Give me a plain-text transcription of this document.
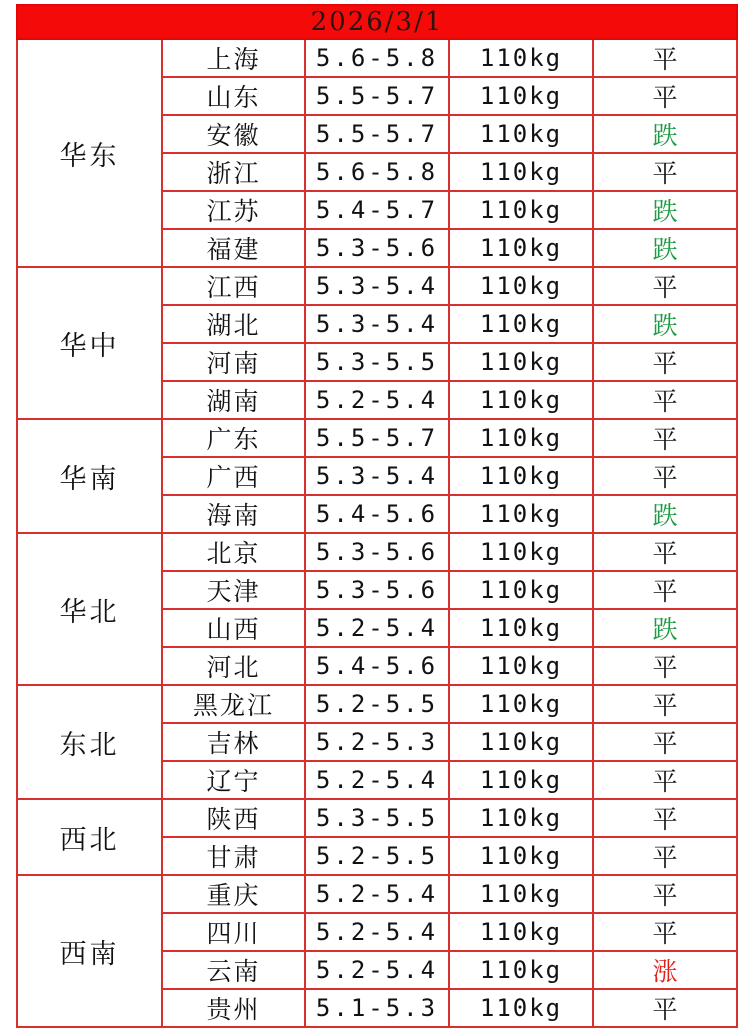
2026/3/1				
华东	上海	5.6-5.8	110kg	平
	山东	5.5-5.7	110kg	平
	安徽	5.5-5.7	110kg	跌
	浙江	5.6-5.8	110kg	平
	江苏	5.4-5.7	110kg	跌
	福建	5.3-5.6	110kg	跌
华中	江西	5.3-5.4	110kg	平
	湖北	5.3-5.4	110kg	跌
	河南	5.3-5.5	110kg	平
	湖南	5.2-5.4	110kg	平
华南	广东	5.5-5.7	110kg	平
	广西	5.3-5.4	110kg	平
	海南	5.4-5.6	110kg	跌
华北	北京	5.3-5.6	110kg	平
	天津	5.3-5.6	110kg	平
	山西	5.2-5.4	110kg	跌
	河北	5.4-5.6	110kg	平
东北	黑龙江	5.2-5.5	110kg	平
	吉林	5.2-5.3	110kg	平
	辽宁	5.2-5.4	110kg	平
西北	陕西	5.3-5.5	110kg	平
	甘肃	5.2-5.5	110kg	平
西南	重庆	5.2-5.4	110kg	平
	四川	5.2-5.4	110kg	平
	云南	5.2-5.4	110kg	涨
	贵州	5.1-5.3	110kg	平
